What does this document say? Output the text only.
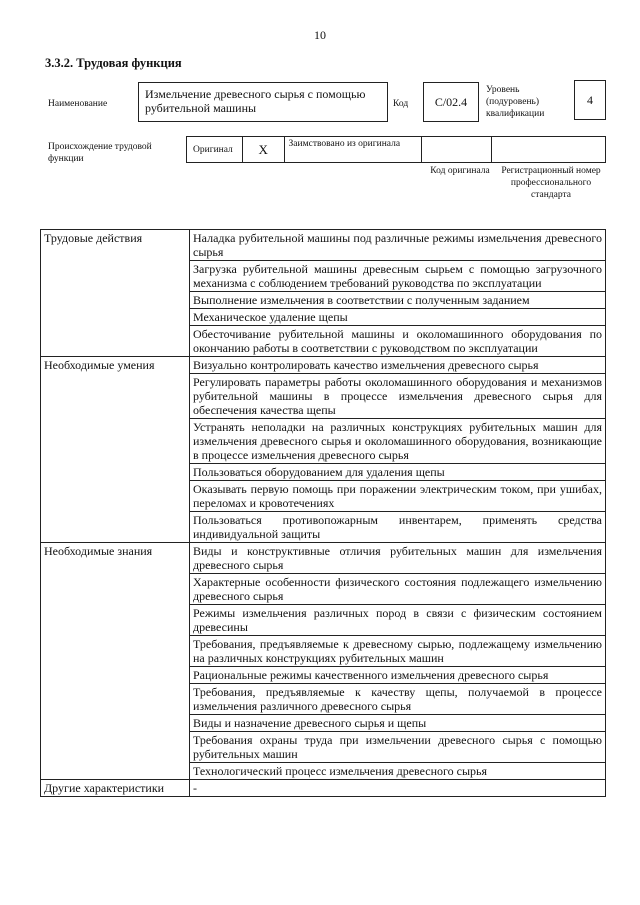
10
3.3.2. Трудовая функция
Наименование
Измельчение древесного сырья с помощью рубительной машины	Код	C/02.4
Уровень (подуровень) квалификации
4
Происхождение трудовой функции
Оригинал	X	Заимствовано из оригинала
Код оригинала	Регистрационный номер профессионального стандарта
Трудовые действия	Наладка рубительной машины под различные режимы измельчения древесного сырья
	Загрузка рубительной машины древесным сырьем с помощью загрузочного механизма с соблюдением требований руководства по эксплуатации
	Выполнение измельчения в соответствии с полученным заданием
	Механическое удаление щепы
	Обесточивание рубительной машины и околомашинного оборудования по окончанию работы в соответствии с руководством по эксплуатации
Необходимые умения	Визуально контролировать качество измельчения древесного сырья
	Регулировать параметры работы околомашинного оборудования и механизмов рубительной машины в процессе измельчения древесного сырья для обеспечения качества щепы
	Устранять неполадки на различных конструкциях рубительных машин для измельчения древесного сырья и околомашинного оборудования, возникающие в процессе измельчения древесного сырья
	Пользоваться оборудованием для удаления щепы
	Оказывать первую помощь при поражении электрическим током, при ушибах, переломах и кровотечениях
	Пользоваться противопожарным инвентарем, применять средства индивидуальной защиты
Необходимые знания	Виды и конструктивные отличия рубительных машин для измельчения древесного сырья
	Характерные особенности физического состояния подлежащего измельчению древесного сырья
	Режимы измельчения различных пород в связи с физическим состоянием древесины
	Требования, предъявляемые к древесному сырью, подлежащему измельчению на различных конструкциях рубительных машин
	Рациональные режимы качественного измельчения древесного сырья
	Требования, предъявляемые к качеству щепы, получаемой в процессе измельчения различного древесного сырья
	Виды и назначение древесного сырья и щепы
	Требования охраны труда при измельчении древесного сырья с помощью рубительных машин
	Технологический процесс измельчения древесного сырья
Другие характеристики	-
